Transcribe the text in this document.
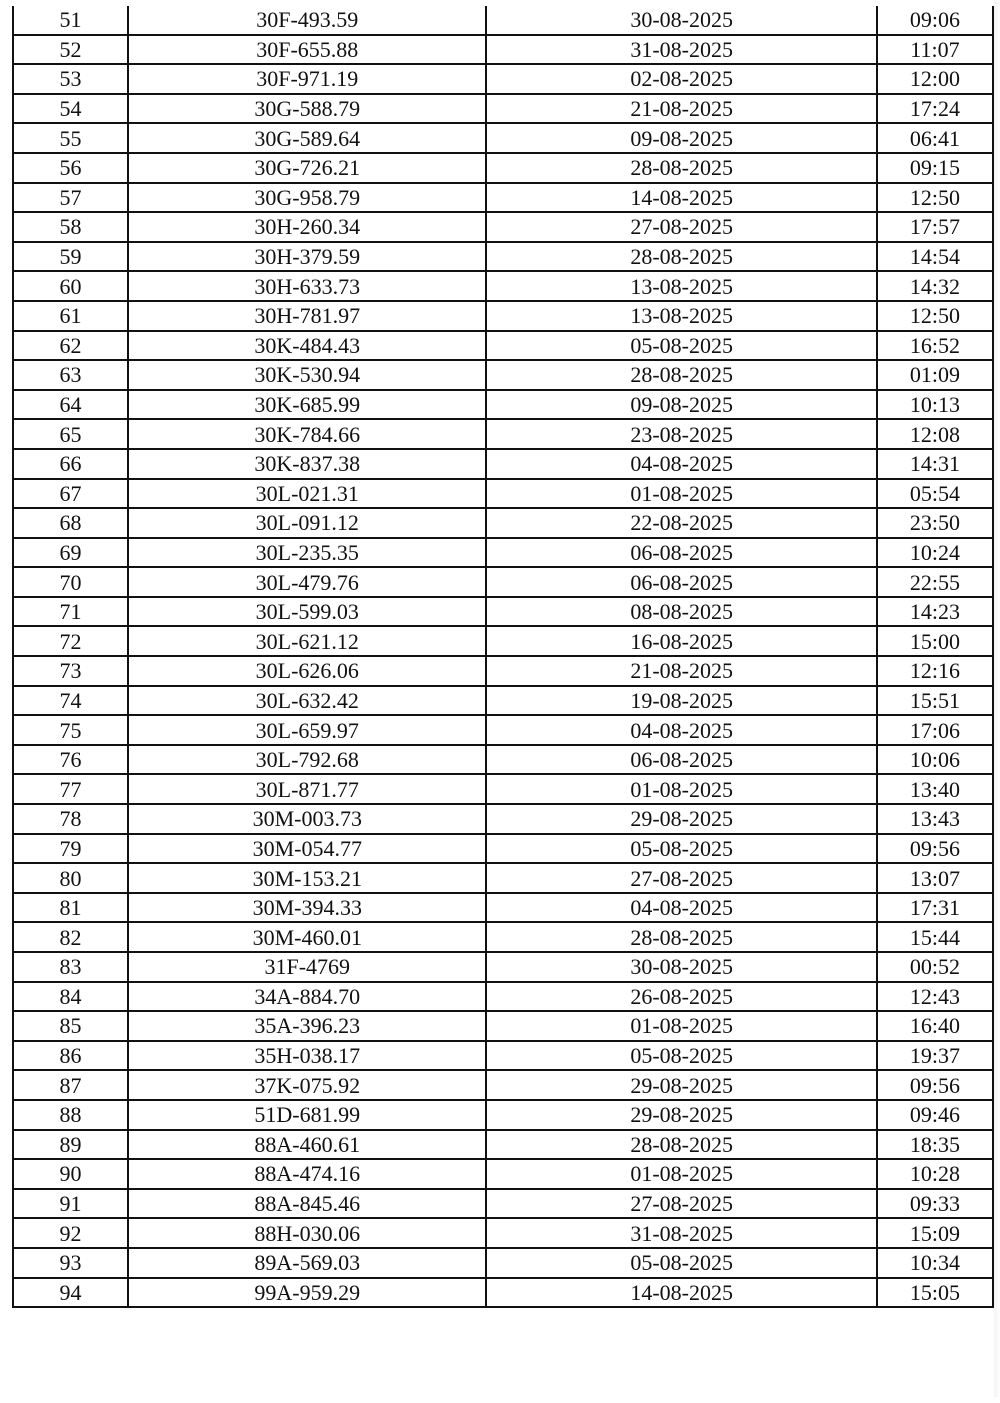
51	30F-493.59	30-08-2025	09:06
52	30F-655.88	31-08-2025	11:07
53	30F-971.19	02-08-2025	12:00
54	30G-588.79	21-08-2025	17:24
55	30G-589.64	09-08-2025	06:41
56	30G-726.21	28-08-2025	09:15
57	30G-958.79	14-08-2025	12:50
58	30H-260.34	27-08-2025	17:57
59	30H-379.59	28-08-2025	14:54
60	30H-633.73	13-08-2025	14:32
61	30H-781.97	13-08-2025	12:50
62	30K-484.43	05-08-2025	16:52
63	30K-530.94	28-08-2025	01:09
64	30K-685.99	09-08-2025	10:13
65	30K-784.66	23-08-2025	12:08
66	30K-837.38	04-08-2025	14:31
67	30L-021.31	01-08-2025	05:54
68	30L-091.12	22-08-2025	23:50
69	30L-235.35	06-08-2025	10:24
70	30L-479.76	06-08-2025	22:55
71	30L-599.03	08-08-2025	14:23
72	30L-621.12	16-08-2025	15:00
73	30L-626.06	21-08-2025	12:16
74	30L-632.42	19-08-2025	15:51
75	30L-659.97	04-08-2025	17:06
76	30L-792.68	06-08-2025	10:06
77	30L-871.77	01-08-2025	13:40
78	30M-003.73	29-08-2025	13:43
79	30M-054.77	05-08-2025	09:56
80	30M-153.21	27-08-2025	13:07
81	30M-394.33	04-08-2025	17:31
82	30M-460.01	28-08-2025	15:44
83	31F-4769	30-08-2025	00:52
84	34A-884.70	26-08-2025	12:43
85	35A-396.23	01-08-2025	16:40
86	35H-038.17	05-08-2025	19:37
87	37K-075.92	29-08-2025	09:56
88	51D-681.99	29-08-2025	09:46
89	88A-460.61	28-08-2025	18:35
90	88A-474.16	01-08-2025	10:28
91	88A-845.46	27-08-2025	09:33
92	88H-030.06	31-08-2025	15:09
93	89A-569.03	05-08-2025	10:34
94	99A-959.29	14-08-2025	15:05
